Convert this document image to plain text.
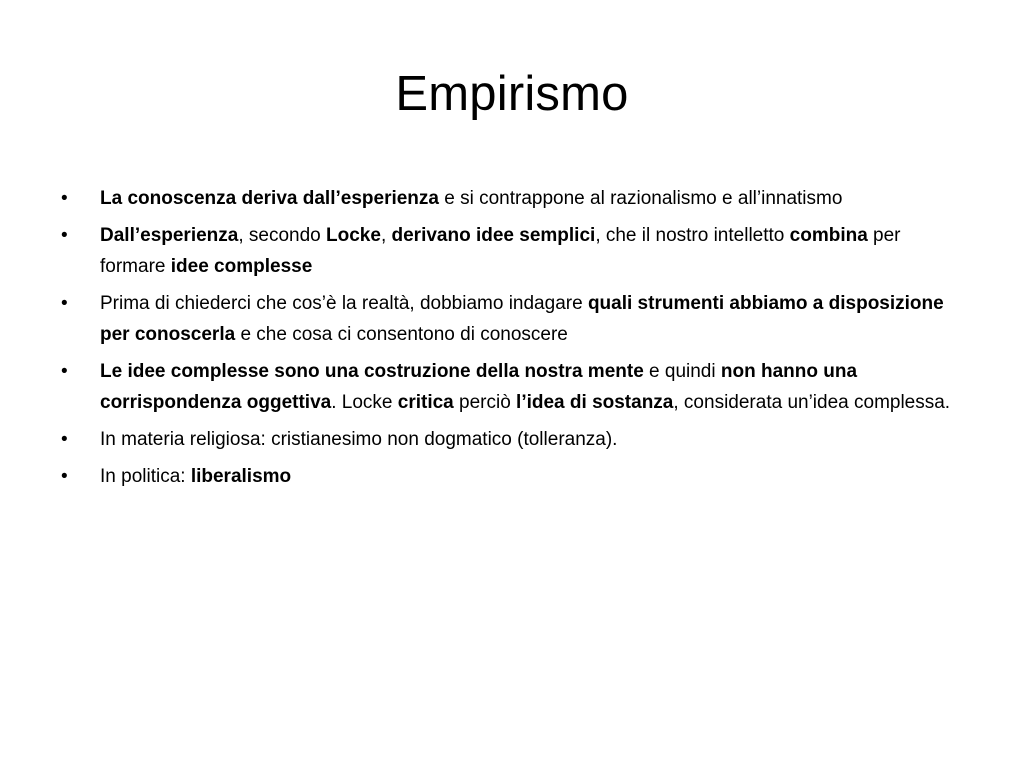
Empirismo
•	La conoscenza deriva dall’esperienza e si contrappone al razionalismo e all’innatismo
•	Dall’esperienza, secondo Locke, derivano idee semplici, che il nostro intelletto combina per formare idee complesse
•	Prima di chiederci che cos’è la realtà, dobbiamo indagare quali strumenti abbiamo a disposizione per conoscerla e che cosa ci consentono di conoscere
•	Le idee complesse sono una costruzione della nostra mente e quindi non hanno una corrispondenza oggettiva. Locke critica perciò l’idea di sostanza, considerata un’idea complessa.
•	In materia religiosa: cristianesimo non dogmatico (tolleranza).
•	In politica: liberalismo
